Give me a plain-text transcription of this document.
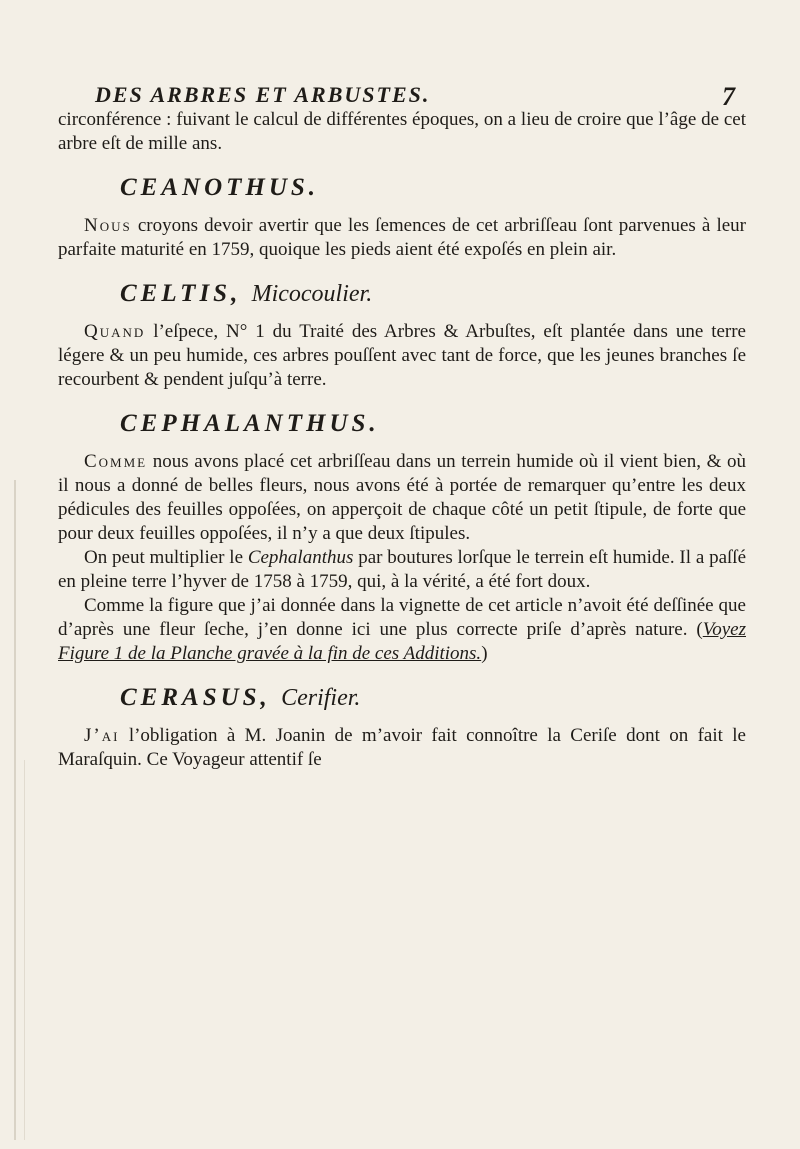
DES ARBRES ET ARBUSTES.	7

circonférence : fuivant le calcul de différentes époques, on a lieu de croire que l’âge de cet arbre eſt de mille ans.

CEANOTHUS.

Nous croyons devoir avertir que les ſemences de cet arbriſſeau ſont parvenues à leur parfaite maturité en 1759, quoique les pieds aient été expoſés en plein air.

CELTIS, Micocoulier.

Quand l’eſpece, N° 1 du Traité des Arbres & Arbuſtes, eſt plantée dans une terre légere & un peu humide, ces arbres pouſſent avec tant de force, que les jeunes branches ſe recourbent & pendent juſqu’à terre.

CEPHALANTHUS.

Comme nous avons placé cet arbriſſeau dans un terrein humide où il vient bien, & où il nous a donné de belles fleurs, nous avons été à portée de remarquer qu’entre les deux pédicules des feuilles oppoſées, on apperçoit de chaque côté un petit ſtipule, de forte que pour deux feuilles oppoſées, il n’y a que deux ſtipules.

On peut multiplier le Cephalanthus par boutures lorſque le terrein eſt humide. Il a paſſé en pleine terre l’hyver de 1758 à 1759, qui, à la vérité, a été fort doux.

Comme la figure que j’ai donnée dans la vignette de cet article n’avoit été deſſinée que d’après une fleur ſeche, j’en donne ici une plus correcte priſe d’après nature. (Voyez Figure 1 de la Planche gravée à la fin de ces Additions.)

CERASUS, Cerifier.

J’ai l’obligation à M. Joanin de m’avoir fait connoître la Ceriſe dont on fait le Maraſquin. Ce Voyageur attentif ſe
